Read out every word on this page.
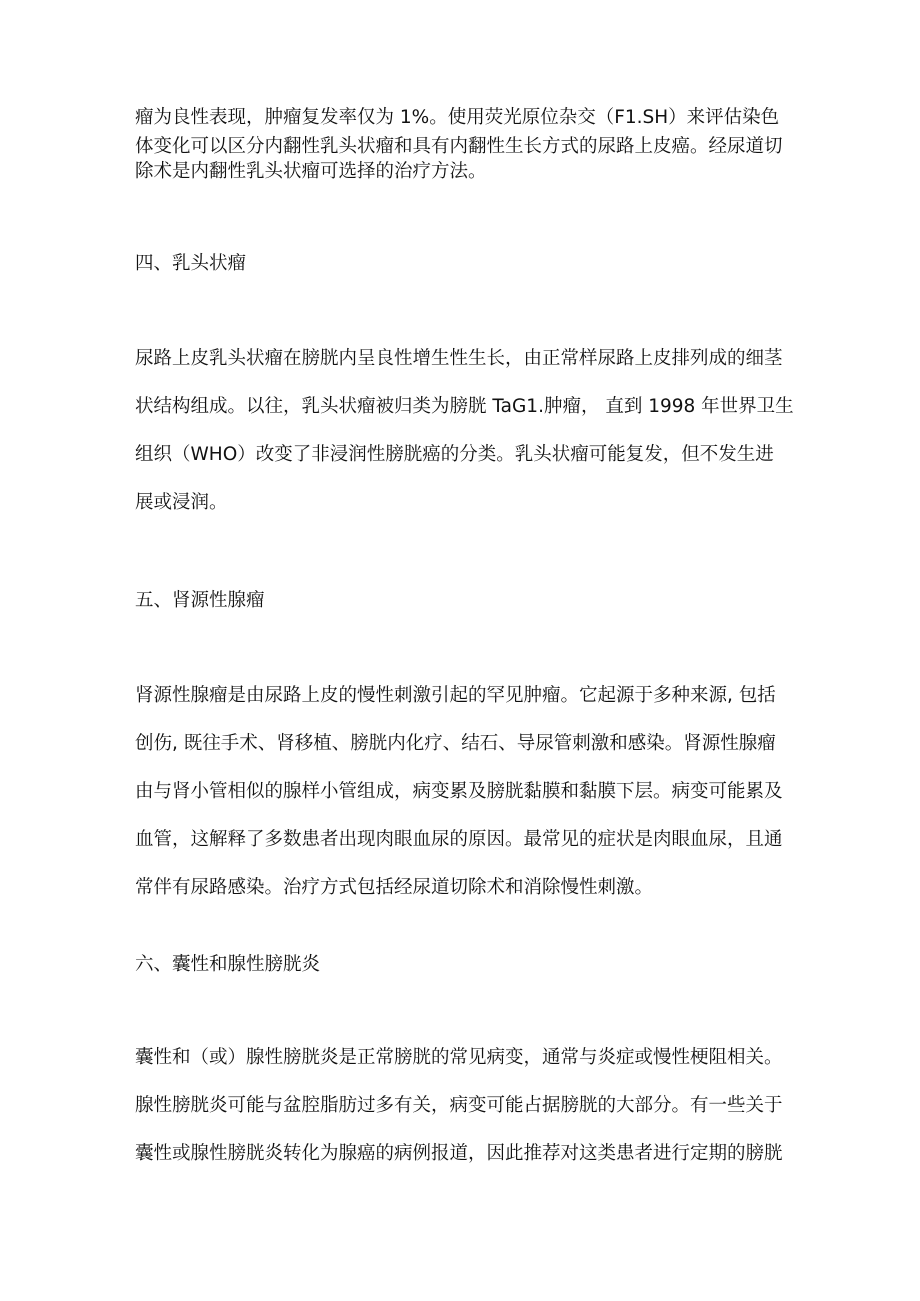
瘤为良性表现，肿瘤复发率仅为 1%。使用荧光原位杂交（F1.SH）来评估染色
体变化可以区分内翻性乳头状瘤和具有内翻性生长方式的尿路上皮癌。经尿道切
除术是内翻性乳头状瘤可选择的治疗方法。
四、乳头状瘤
尿路上皮乳头状瘤在膀胱内呈良性增生性生长，由正常样尿路上皮排列成的细茎
状结构组成。以往，乳头状瘤被归类为膀胱 TaG1.肿瘤， 直到 1998 年世界卫生
组织（WHO）改变了非浸润性膀胱癌的分类。乳头状瘤可能复发，但不发生进
展或浸润。
五、肾源性腺瘤
肾源性腺瘤是由尿路上皮的慢性刺激引起的罕见肿瘤。它起源于多种来源, 包括
创伤, 既往手术、肾移植、膀胱内化疗、结石、导尿管刺激和感染。肾源性腺瘤
由与肾小管相似的腺样小管组成，病变累及膀胱黏膜和黏膜下层。病变可能累及
血管，这解释了多数患者出现肉眼血尿的原因。最常见的症状是肉眼血尿，且通
常伴有尿路感染。治疗方式包括经尿道切除术和消除慢性刺激。
六、囊性和腺性膀胱炎
囊性和（或）腺性膀胱炎是正常膀胱的常见病变，通常与炎症或慢性梗阻相关。
腺性膀胱炎可能与盆腔脂肪过多有关，病变可能占据膀胱的大部分。有一些关于
囊性或腺性膀胱炎转化为腺癌的病例报道，因此推荐对这类患者进行定期的膀胱
